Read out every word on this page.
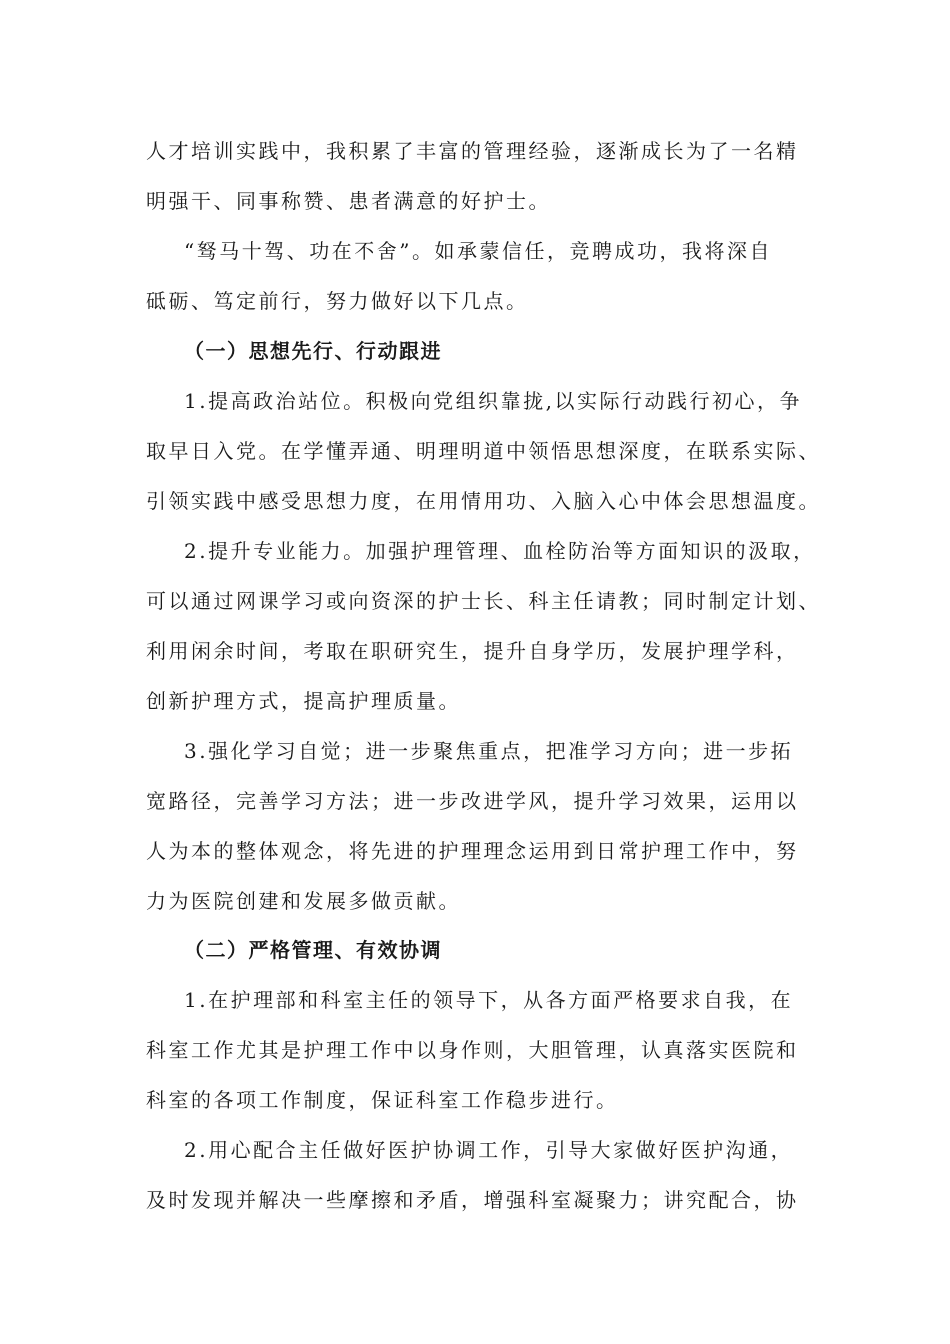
人才培训实践中，我积累了丰富的管理经验，逐渐成长为了一名精
明强干、同事称赞、患者满意的好护士。
“驽马十驾、功在不舍”。如承蒙信任，竞聘成功，我将深自
砥砺、笃定前行，努力做好以下几点。
（一）思想先行、行动跟进
1.提高政治站位。积极向党组织靠拢,以实际行动践行初心，争
取早日入党。在学懂弄通、明理明道中领悟思想深度，在联系实际、
引领实践中感受思想力度，在用情用功、入脑入心中体会思想温度。
2.提升专业能力。加强护理管理、血栓防治等方面知识的汲取，
可以通过网课学习或向资深的护士长、科主任请教；同时制定计划、
利用闲余时间，考取在职研究生，提升自身学历，发展护理学科，
创新护理方式，提高护理质量。
3.强化学习自觉；进一步聚焦重点，把准学习方向；进一步拓
宽路径，完善学习方法；进一步改进学风，提升学习效果，运用以
人为本的整体观念，将先进的护理理念运用到日常护理工作中，努
力为医院创建和发展多做贡献。
（二）严格管理、有效协调
1.在护理部和科室主任的领导下，从各方面严格要求自我，在
科室工作尤其是护理工作中以身作则，大胆管理，认真落实医院和
科室的各项工作制度，保证科室工作稳步进行。
2.用心配合主任做好医护协调工作，引导大家做好医护沟通，
及时发现并解决一些摩擦和矛盾，增强科室凝聚力；讲究配合，协
